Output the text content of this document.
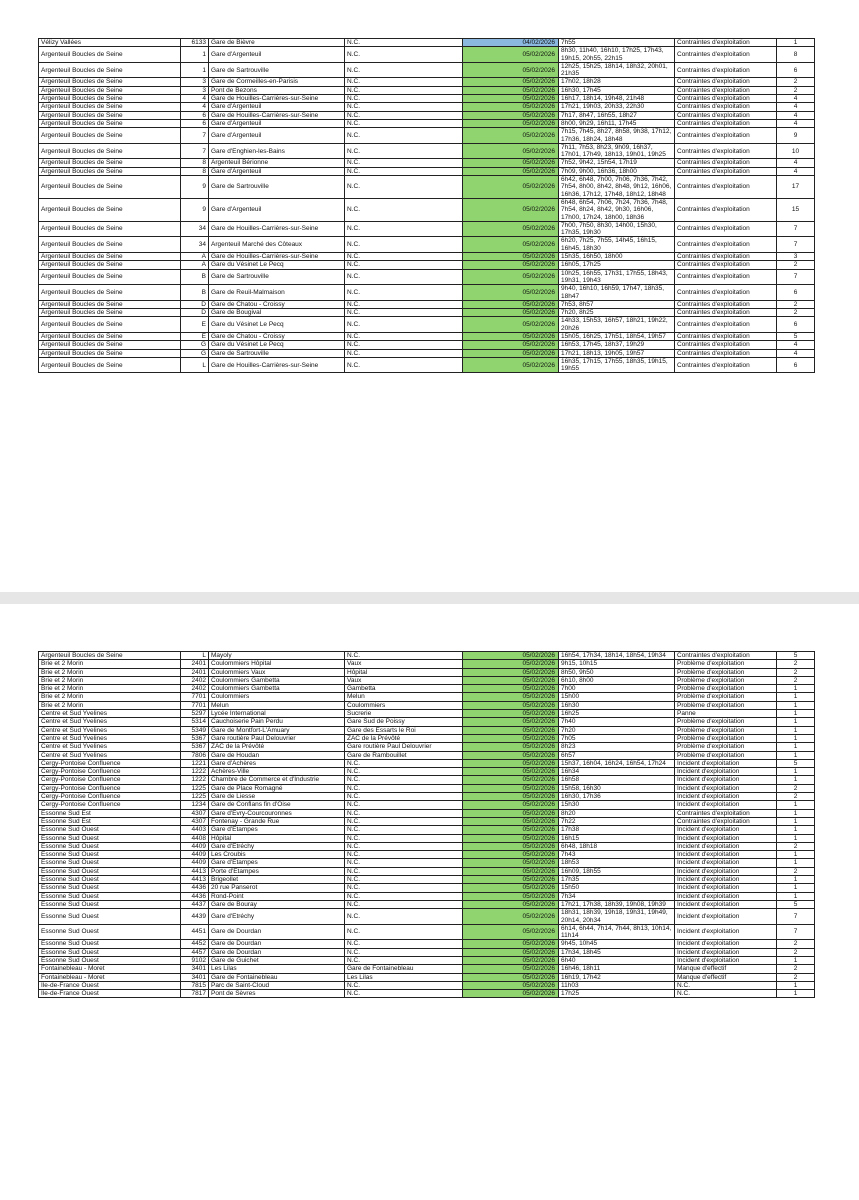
Vélizy Vallées	6133	Gare de Bièvre	N.C.	04/02/2026	7h55	Contraintes d'exploitation	1
Argenteuil Boucles de Seine	1	Gare d'Argenteuil	N.C.	05/02/2026	8h30, 11h40, 16h10, 17h25, 17h43, 19h15, 20h55, 22h15	Contraintes d'exploitation	8
Argenteuil Boucles de Seine	1	Gare de Sartrouville	N.C.	05/02/2026	12h25, 15h25, 18h14, 18h32, 20h01, 21h35	Contraintes d'exploitation	6
Argenteuil Boucles de Seine	3	Gare de Cormeilles-en-Parisis	N.C.	05/02/2026	17h02, 18h28	Contraintes d'exploitation	2
Argenteuil Boucles de Seine	3	Pont de Bezons	N.C.	05/02/2026	16h30, 17h45	Contraintes d'exploitation	2
Argenteuil Boucles de Seine	4	Gare de Houilles-Carrières-sur-Seine	N.C.	05/02/2026	16h17, 18h14, 19h48, 21h48	Contraintes d'exploitation	4
Argenteuil Boucles de Seine	4	Gare d'Argenteuil	N.C.	05/02/2026	17h21, 19h03, 20h33, 22h30	Contraintes d'exploitation	4
Argenteuil Boucles de Seine	6	Gare de Houilles-Carrières-sur-Seine	N.C.	05/02/2026	7h17, 8h47, 16h55, 18h27	Contraintes d'exploitation	4
Argenteuil Boucles de Seine	6	Gare d'Argenteuil	N.C.	05/02/2026	8h00, 9h29, 16h11, 17h45	Contraintes d'exploitation	4
Argenteuil Boucles de Seine	7	Gare d'Argenteuil	N.C.	05/02/2026	7h15, 7h45, 8h27, 8h58, 9h38, 17h12, 17h36, 18h24, 18h48	Contraintes d'exploitation	9
Argenteuil Boucles de Seine	7	Gare d'Enghien-les-Bains	N.C.	05/02/2026	7h11, 7h53, 8h23, 9h09, 16h37, 17h01, 17h49, 18h13, 19h01, 19h25	Contraintes d'exploitation	10
Argenteuil Boucles de Seine	8	Argenteuil Bérionne	N.C.	05/02/2026	7h52, 9h42, 15h54, 17h19	Contraintes d'exploitation	4
Argenteuil Boucles de Seine	8	Gare d'Argenteuil	N.C.	05/02/2026	7h09, 9h00, 16h36, 18h00	Contraintes d'exploitation	4
Argenteuil Boucles de Seine	9	Gare de Sartrouville	N.C.	05/02/2026	6h42, 6h48, 7h00, 7h06, 7h36, 7h42, 7h54, 8h00, 8h42, 8h48, 9h12, 16h06, 16h36, 17h12, 17h48, 18h12, 18h48	Contraintes d'exploitation	17
Argenteuil Boucles de Seine	9	Gare d'Argenteuil	N.C.	05/02/2026	6h48, 6h54, 7h06, 7h24, 7h36, 7h48, 7h54, 8h24, 8h42, 9h30, 16h06, 17h00, 17h24, 18h00, 18h36	Contraintes d'exploitation	15
Argenteuil Boucles de Seine	34	Gare de Houilles-Carrières-sur-Seine	N.C.	05/02/2026	7h00, 7h50, 8h30, 14h00, 15h30, 17h35, 19h30	Contraintes d'exploitation	7
Argenteuil Boucles de Seine	34	Argenteuil Marché des Côteaux	N.C.	05/02/2026	6h20, 7h25, 7h55, 14h45, 16h15, 16h45, 18h30	Contraintes d'exploitation	7
Argenteuil Boucles de Seine	A	Gare de Houilles-Carrières-sur-Seine	N.C.	05/02/2026	15h35, 16h50, 18h00	Contraintes d'exploitation	3
Argenteuil Boucles de Seine	A	Gare du Vésinet Le Pecq	N.C.	05/02/2026	16h05, 17h25	Contraintes d'exploitation	2
Argenteuil Boucles de Seine	B	Gare de Sartrouville	N.C.	05/02/2026	10h25, 16h55, 17h31, 17h55, 18h43, 19h31, 19h43	Contraintes d'exploitation	7
Argenteuil Boucles de Seine	B	Gare de Reuil-Malmaison	N.C.	05/02/2026	9h40, 16h10, 16h59, 17h47, 18h35, 18h47	Contraintes d'exploitation	6
Argenteuil Boucles de Seine	D	Gare de Chatou - Croissy	N.C.	05/02/2026	7h53, 8h57	Contraintes d'exploitation	2
Argenteuil Boucles de Seine	D	Gare de Bougival	N.C.	05/02/2026	7h20, 8h25	Contraintes d'exploitation	2
Argenteuil Boucles de Seine	E	Gare du Vésinet Le Pecq	N.C.	05/02/2026	14h33, 15h53, 16h57, 18h21, 19h22, 20h26	Contraintes d'exploitation	6
Argenteuil Boucles de Seine	E	Gare de Chatou - Croissy	N.C.	05/02/2026	15h05, 16h25, 17h51, 18h54, 19h57	Contraintes d'exploitation	5
Argenteuil Boucles de Seine	G	Gare du Vésinet Le Pecq	N.C.	05/02/2026	16h53, 17h45, 18h37, 19h29	Contraintes d'exploitation	4
Argenteuil Boucles de Seine	G	Gare de Sartrouville	N.C.	05/02/2026	17h21, 18h13, 19h05, 19h57	Contraintes d'exploitation	4
Argenteuil Boucles de Seine	L	Gare de Houilles-Carrières-sur-Seine	N.C.	05/02/2026	16h35, 17h15, 17h55, 18h35, 19h15, 19h55	Contraintes d'exploitation	6
Argenteuil Boucles de Seine	L	Mayoly	N.C.	05/02/2026	16h54, 17h34, 18h14, 18h54, 19h34	Contraintes d'exploitation	5
Brie et 2 Morin	2401	Coulommiers Hôpital	Vaux	05/02/2026	9h15, 10h15	Problème d'exploitation	2
Brie et 2 Morin	2401	Coulommiers Vaux	Hôpital	05/02/2026	8h50, 9h50	Problème d'exploitation	2
Brie et 2 Morin	2402	Coulommiers Gambetta	Vaux	05/02/2026	6h10, 8h00	Problème d'exploitation	2
Brie et 2 Morin	2402	Coulommiers Gambetta	Gambetta	05/02/2026	7h00	Problème d'exploitation	1
Brie et 2 Morin	7701	Coulommiers	Melun	05/02/2026	15h00	Problème d'exploitation	1
Brie et 2 Morin	7701	Melun	Coulommiers	05/02/2026	16h30	Problème d'exploitation	1
Centre et Sud Yvelines	5297	Lycée International	Sucrerie	05/02/2026	16h25	Panne	1
Centre et Sud Yvelines	5314	Cauchoiserie Pain Perdu	Gare Sud de Poissy	05/02/2026	7h40	Problème d'exploitation	1
Centre et Sud Yvelines	5349	Gare de Montfort-L'Amuary	Gare des Essarts le Roi	05/02/2026	7h20	Problème d'exploitation	1
Centre et Sud Yvelines	5367	Gare routière Paul Delouvrier	ZAC de la Prévôté	05/02/2026	7h05	Problème d'exploitation	1
Centre et Sud Yvelines	5367	ZAC de la Prévôté	Gare routière Paul Delouvrier	05/02/2026	8h23	Problème d'exploitation	1
Centre et Sud Yvelines	7806	Gare de Houdan	Gare de Rambouillet	05/02/2026	6h57	Problème d'exploitation	1
Cergy-Pontoise Confluence	1221	Gare d'Achères	N.C.	05/02/2026	15h37, 16h04, 16h24, 16h54, 17h24	Incident d'exploitation	5
Cergy-Pontoise Confluence	1222	Achères-Ville	N.C.	05/02/2026	16h34	Incident d'exploitation	1
Cergy-Pontoise Confluence	1222	Chambre de Commerce et d'Industrie	N.C.	05/02/2026	16h58	Incident d'exploitation	1
Cergy-Pontoise Confluence	1225	Gare de Place Romagné	N.C.	05/02/2026	15h58, 16h30	Incident d'exploitation	2
Cergy-Pontoise Confluence	1225	Gare de Liesse	N.C.	05/02/2026	16h30, 17h36	Incident d'exploitation	2
Cergy-Pontoise Confluence	1234	Gare de Conflans fin d'Oise	N.C.	05/02/2026	15h30	Incident d'exploitation	1
Essonne Sud Est	4307	Gare d'Evry-Courcouronnes	N.C.	05/02/2026	8h20	Contraintes d'exploitation	1
Essonne Sud Est	4307	Fontenay - Grande Rue	N.C.	05/02/2026	7h22	Contraintes d'exploitation	1
Essonne Sud Ouest	4403	Gare d'Etampes	N.C.	05/02/2026	17h38	Incident d'exploitation	1
Essonne Sud Ouest	4408	Hôpital	N.C.	05/02/2026	16h15	Incident d'exploitation	1
Essonne Sud Ouest	4409	Gare d'Etréchy	N.C.	05/02/2026	6h48, 18h18	Incident d'exploitation	2
Essonne Sud Ouest	4409	Les Croubis	N.C.	05/02/2026	7h43	Incident d'exploitation	1
Essonne Sud Ouest	4409	Gare d'Etampes	N.C.	05/02/2026	18h53	Incident d'exploitation	1
Essonne Sud Ouest	4413	Porte d'Etampes	N.C.	05/02/2026	16h09, 18h55	Incident d'exploitation	2
Essonne Sud Ouest	4413	Brigeollet	N.C.	05/02/2026	17h35	Incident d'exploitation	1
Essonne Sud Ouest	4436	20 rue Panserot	N.C.	05/02/2026	15h50	Incident d'exploitation	1
Essonne Sud Ouest	4436	Rond-Point	N.C.	05/02/2026	7h34	Incident d'exploitation	1
Essonne Sud Ouest	4437	Gare de Bouray	N.C.	05/02/2026	17h21, 17h38, 18h39, 19h08, 19h39	Incident d'exploitation	5
Essonne Sud Ouest	4439	Gare d'Etréchy	N.C.	05/02/2026	18h31, 18h39, 19h18, 19h31, 19h49, 20h14, 20h34	Incident d'exploitation	7
Essonne Sud Ouest	4451	Gare de Dourdan	N.C.	05/02/2026	6h14, 6h44, 7h14, 7h44, 8h13, 10h14, 11h14	Incident d'exploitation	7
Essonne Sud Ouest	4452	Gare de Dourdan	N.C.	05/02/2026	9h45, 10h45	Incident d'exploitation	2
Essonne Sud Ouest	4457	Gare de Dourdan	N.C.	05/02/2026	17h34, 18h45	Incident d'exploitation	2
Essonne Sud Ouest	9102	Gare de Guichet	N.C.	05/02/2026	6h40	Incident d'exploitation	1
Fontainebleau - Moret	3401	Les Lilas	Gare de Fontainebleau	05/02/2026	16h46, 18h11	Manque d'effectif	2
Fontainebleau - Moret	3401	Gare de Fontainebleau	Les Lilas	05/02/2026	16h19, 17h42	Manque d'effectif	2
Ile-de-France Ouest	7815	Parc de Saint-Cloud	N.C.	05/02/2026	11h03	N.C.	1
Ile-de-France Ouest	7817	Pont de Sèvres	N.C.	05/02/2026	17h25	N.C.	1
